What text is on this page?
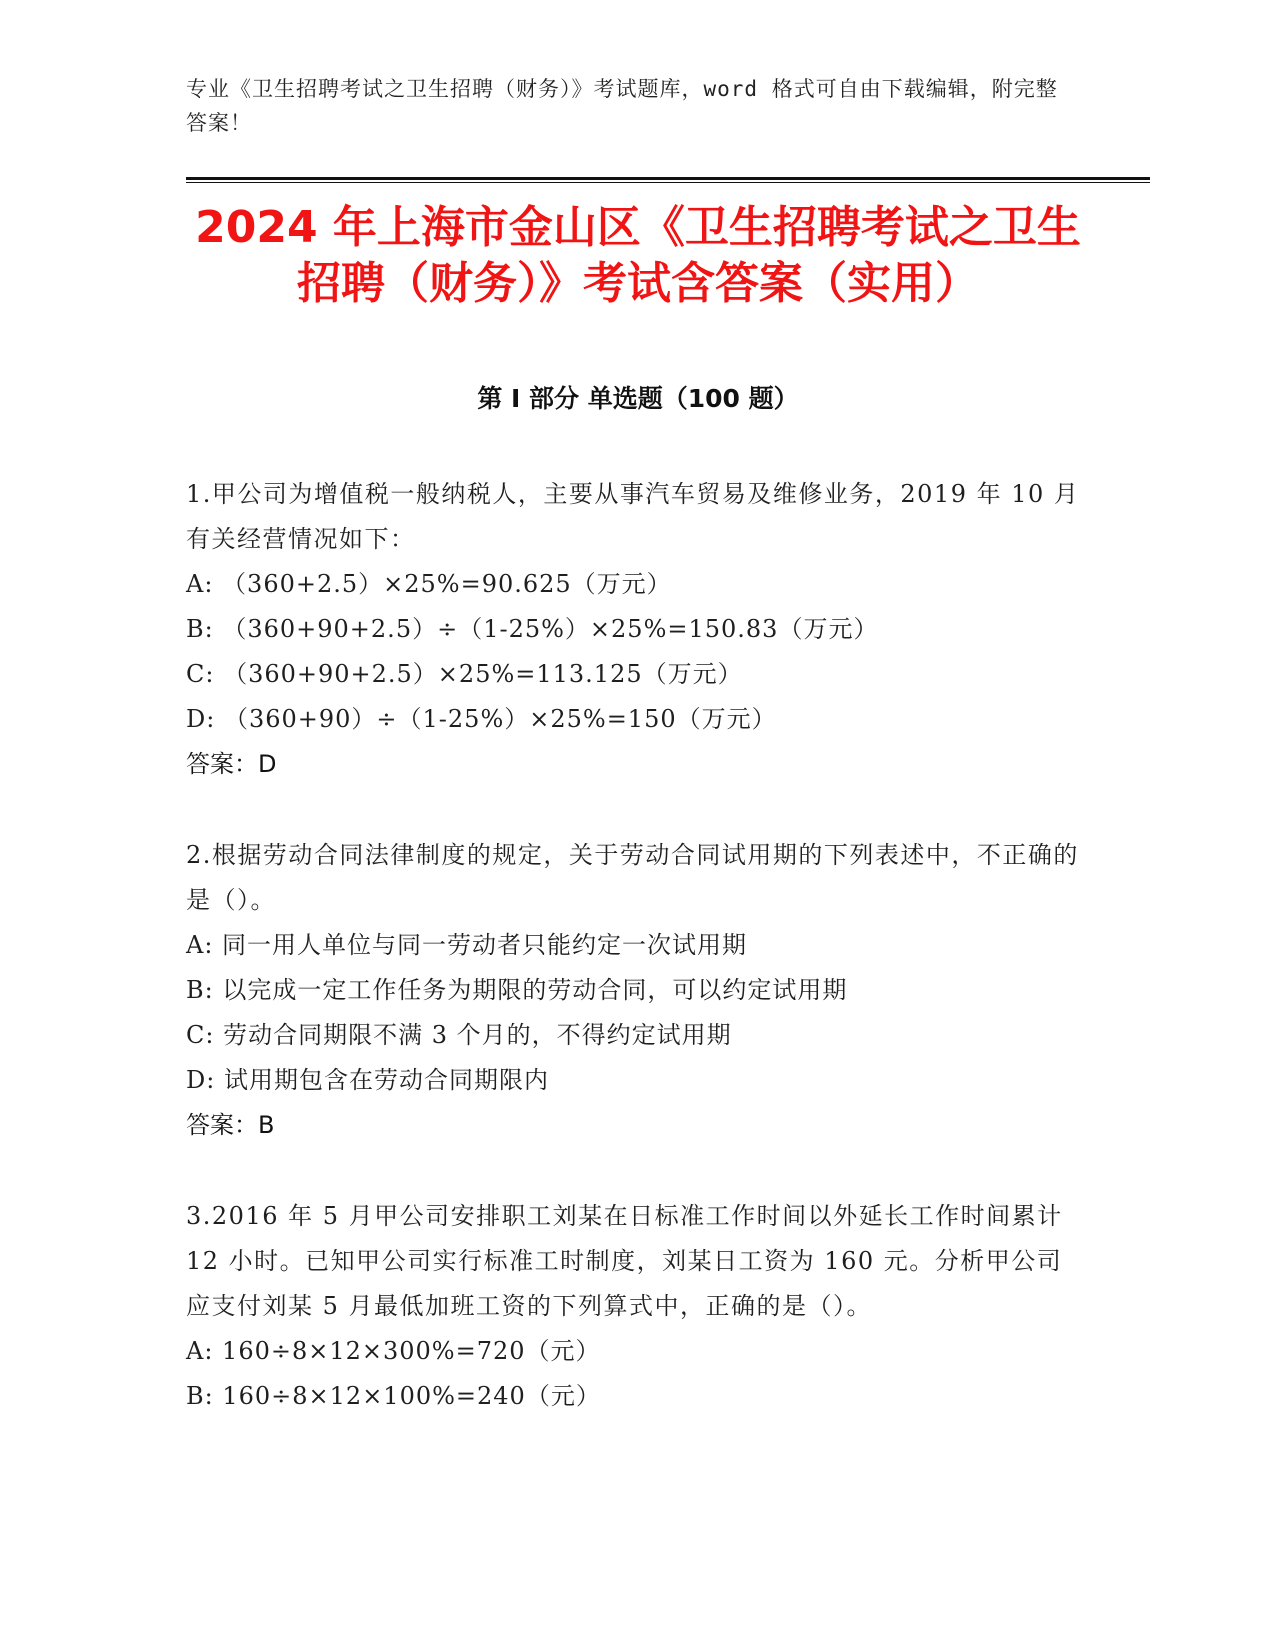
专业《卫生招聘考试之卫生招聘（财务）》考试题库，word 格式可自由下载编辑，附完整答案！
2024 年上海市金山区《卫生招聘考试之卫生招聘（财务）》考试含答案（实用）
第 I 部分 单选题（100 题）
1.甲公司为增值税一般纳税人，主要从事汽车贸易及维修业务，2019 年 10 月有关经营情况如下：
A: （360+2.5）×25%=90.625（万元）
B: （360+90+2.5）÷（1-25%）×25%=150.83（万元）
C: （360+90+2.5）×25%=113.125（万元）
D: （360+90）÷（1-25%）×25%=150（万元）
答案：D
2.根据劳动合同法律制度的规定，关于劳动合同试用期的下列表述中，不正确的是（）。
A: 同一用人单位与同一劳动者只能约定一次试用期
B: 以完成一定工作任务为期限的劳动合同，可以约定试用期
C: 劳动合同期限不满 3 个月的，不得约定试用期
D: 试用期包含在劳动合同期限内
答案：B
3.2016 年 5 月甲公司安排职工刘某在日标准工作时间以外延长工作时间累计 12 小时。已知甲公司实行标准工时制度，刘某日工资为 160 元。分析甲公司应支付刘某 5 月最低加班工资的下列算式中，正确的是（）。
A: 160÷8×12×300%=720（元）
B: 160÷8×12×100%=240（元）
